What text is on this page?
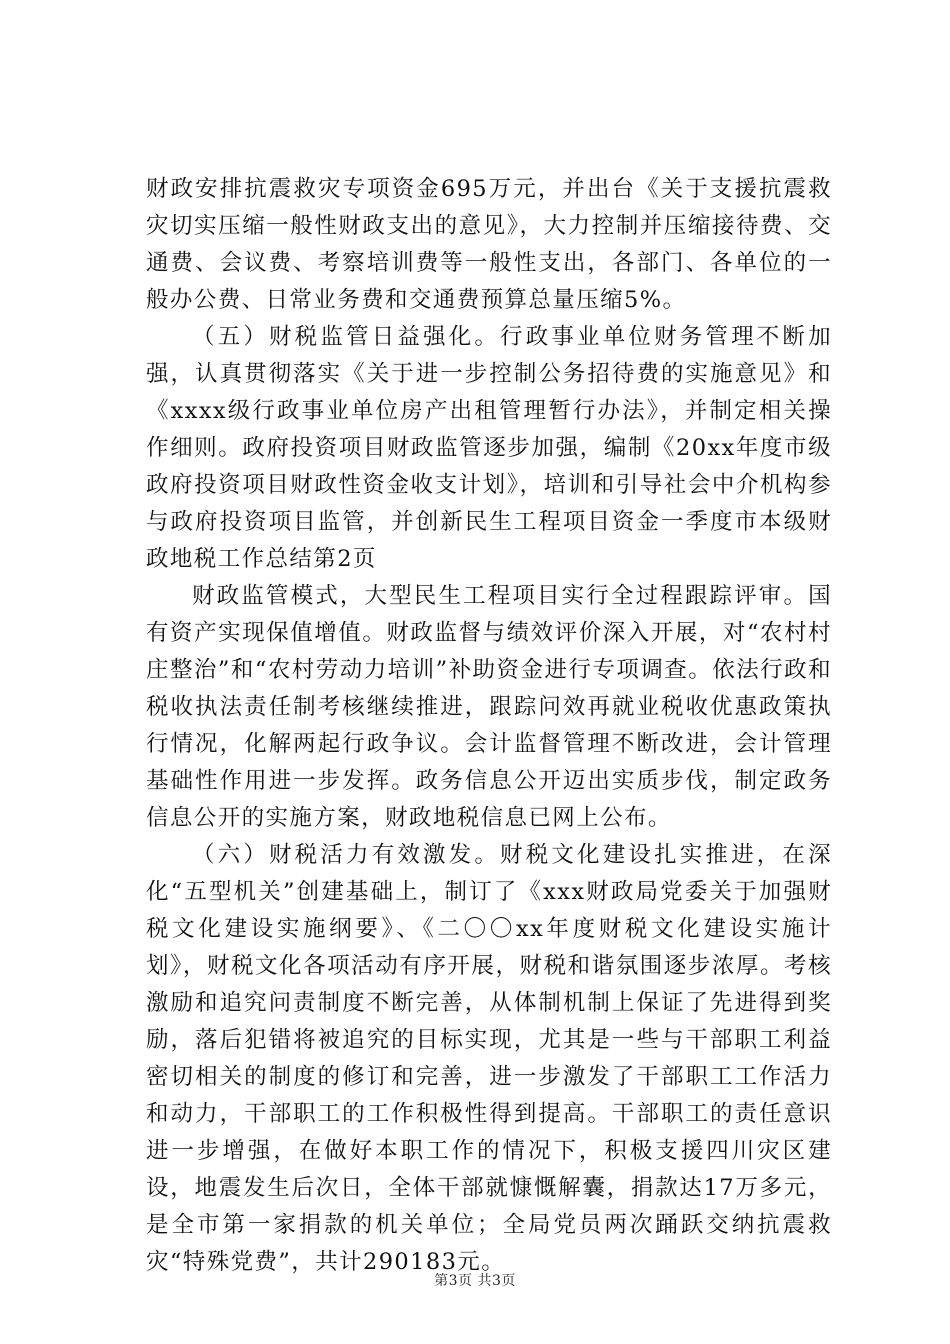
财政安排抗震救灾专项资金695万元，并出台《关于支援抗震救灾切实压缩一般性财政支出的意见》，大力控制并压缩接待费、交通费、会议费、考察培训费等一般性支出，各部门、各单位的一般办公费、日常业务费和交通费预算总量压缩5%。

（五）财税监管日益强化。行政事业单位财务管理不断加强，认真贯彻落实《关于进一步控制公务招待费的实施意见》和《xxxx级行政事业单位房产出租管理暂行办法》，并制定相关操作细则。政府投资项目财政监管逐步加强，编制《20xx年度市级政府投资项目财政性资金收支计划》，培训和引导社会中介机构参与政府投资项目监管，并创新民生工程项目资金一季度市本级财政地税工作总结第2页

财政监管模式，大型民生工程项目实行全过程跟踪评审。国有资产实现保值增值。财政监督与绩效评价深入开展，对“农村村庄整治”和“农村劳动力培训”补助资金进行专项调查。依法行政和税收执法责任制考核继续推进，跟踪问效再就业税收优惠政策执行情况，化解两起行政争议。会计监督管理不断改进，会计管理基础性作用进一步发挥。政务信息公开迈出实质步伐，制定政务信息公开的实施方案，财政地税信息已网上公布。

（六）财税活力有效激发。财税文化建设扎实推进，在深化“五型机关”创建基础上，制订了《xxx财政局党委关于加强财税文化建设实施纲要》、《二〇〇xx年度财税文化建设实施计划》，财税文化各项活动有序开展，财税和谐氛围逐步浓厚。考核激励和追究问责制度不断完善，从体制机制上保证了先进得到奖励，落后犯错将被追究的目标实现，尤其是一些与干部职工利益密切相关的制度的修订和完善，进一步激发了干部职工工作活力和动力，干部职工的工作积极性得到提高。干部职工的责任意识进一步增强，在做好本职工作的情况下，积极支援四川灾区建设，地震发生后次日，全体干部就慷慨解囊，捐款达17万多元，是全市第一家捐款的机关单位；全局党员两次踊跃交纳抗震救灾“特殊党费”，共计290183元。

第3页 共3页
